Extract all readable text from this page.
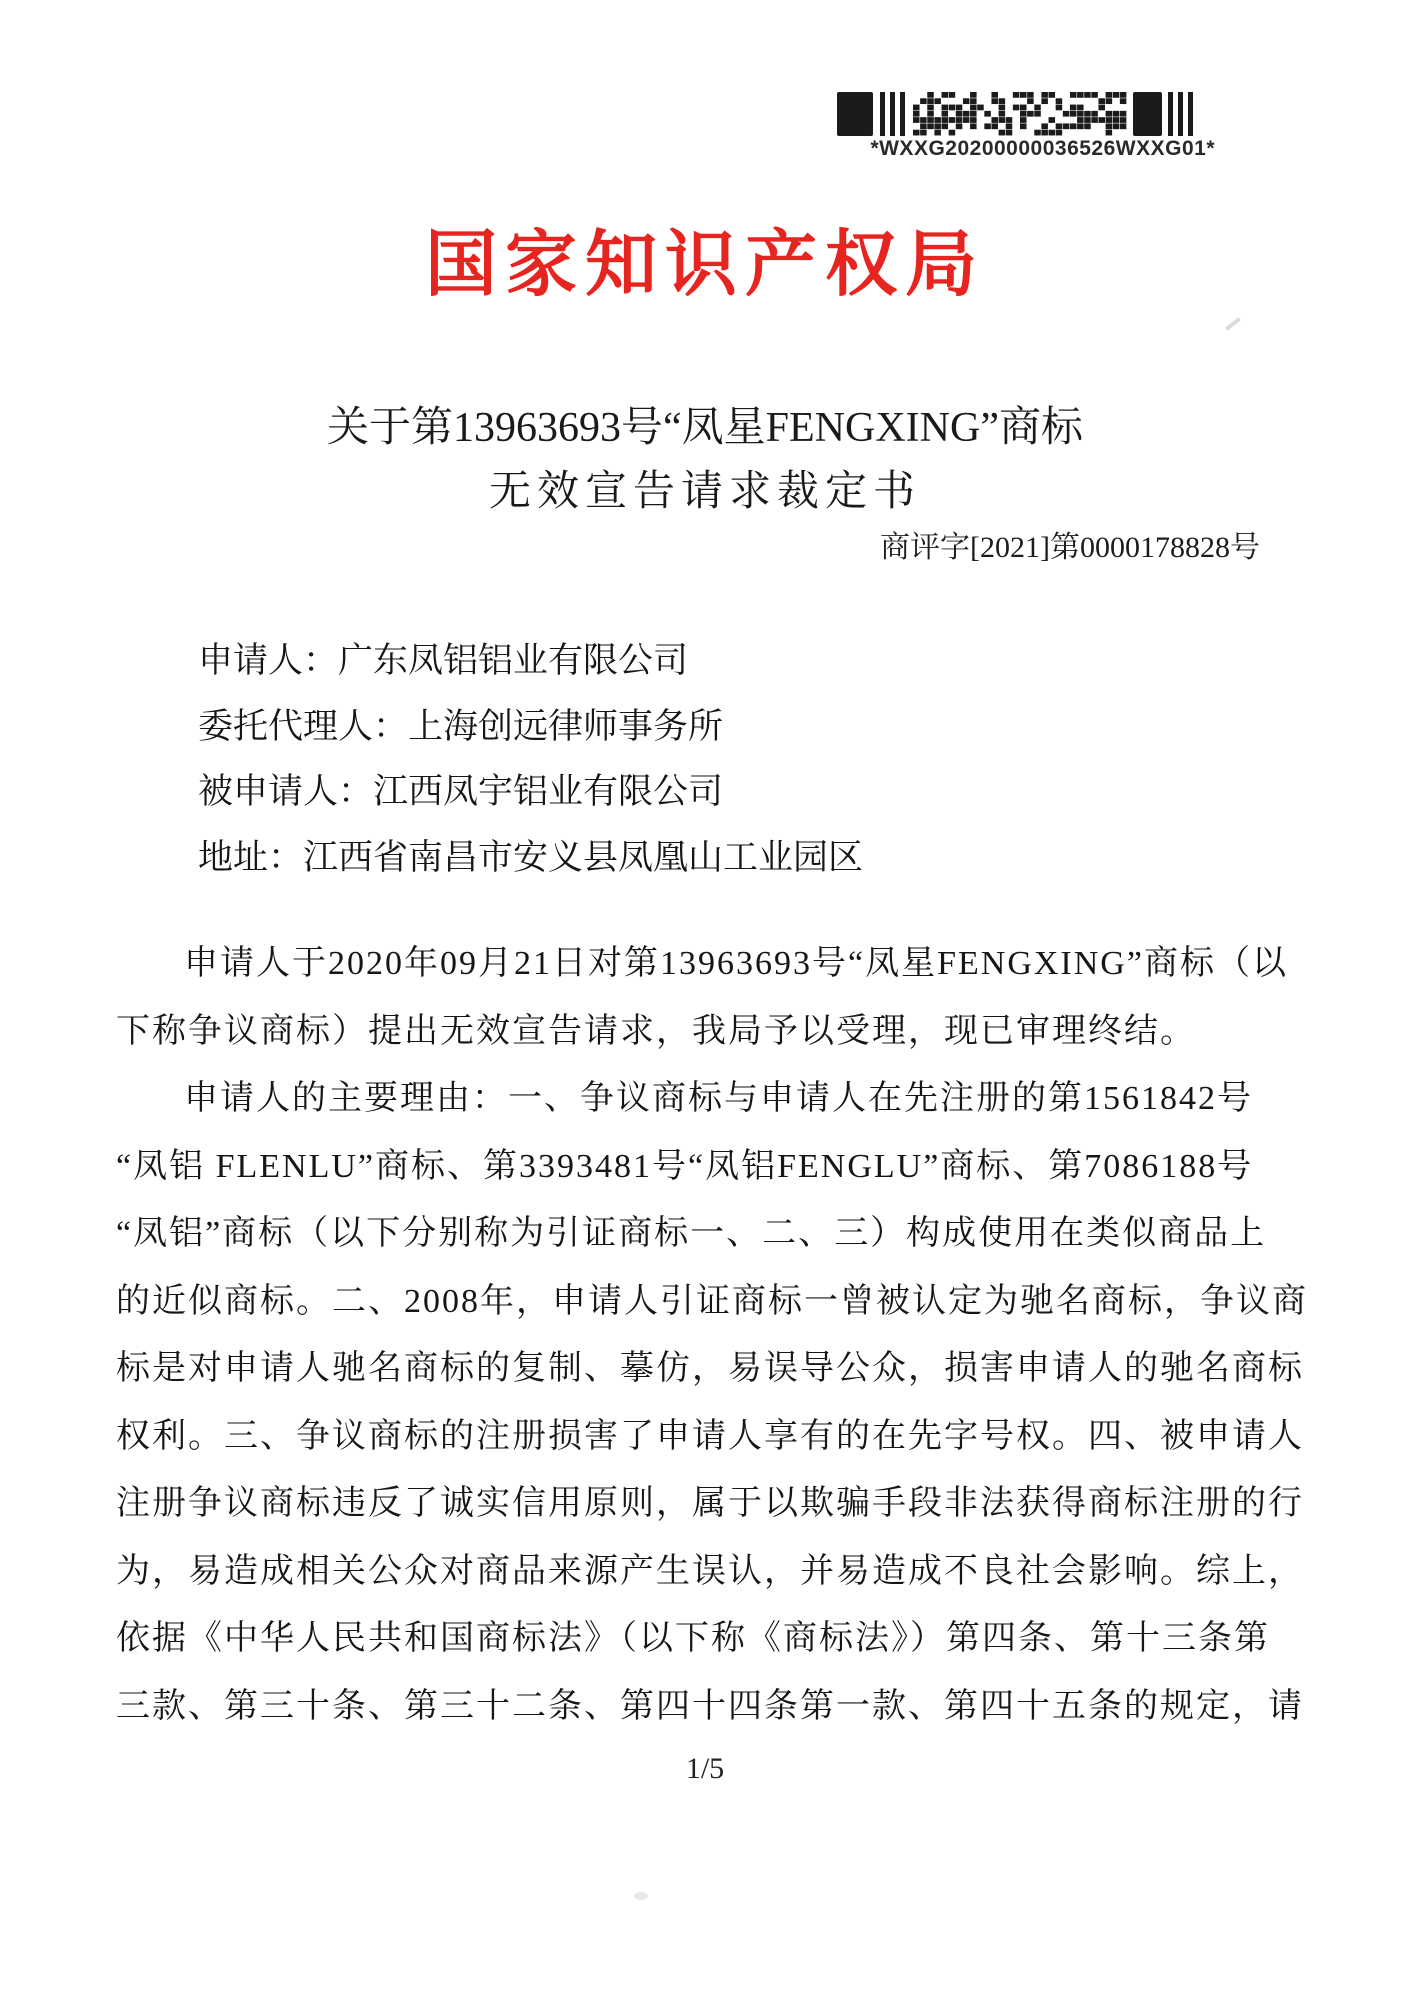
*WXXG20200000036526WXXG01*
国家知识产权局
关于第13963693号“凤星FENGXING”商标
无效宣告请求裁定书
商评字[2021]第0000178828号
申请人：广东凤铝铝业有限公司
委托代理人：上海创远律师事务所
被申请人：江西凤宇铝业有限公司
地址：江西省南昌市安义县凤凰山工业园区
申请人于2020年09月21日对第13963693号“凤星FENGXING”商标（以
下称争议商标）提出无效宣告请求，我局予以受理，现已审理终结。
申请人的主要理由：一、争议商标与申请人在先注册的第1561842号
“凤铝 FLENLU”商标、第3393481号“凤铝FENGLU”商标、第7086188号
“凤铝”商标（以下分别称为引证商标一、二、三）构成使用在类似商品上
的近似商标。二、2008年，申请人引证商标一曾被认定为驰名商标，争议商
标是对申请人驰名商标的复制、摹仿，易误导公众，损害申请人的驰名商标
权利。三、争议商标的注册损害了申请人享有的在先字号权。四、被申请人
注册争议商标违反了诚实信用原则，属于以欺骗手段非法获得商标注册的行
为，易造成相关公众对商品来源产生误认，并易造成不良社会影响。综上，
依据《中华人民共和国商标法》（以下称《商标法》）第四条、第十三条第
三款、第三十条、第三十二条、第四十四条第一款、第四十五条的规定，请
1/5
